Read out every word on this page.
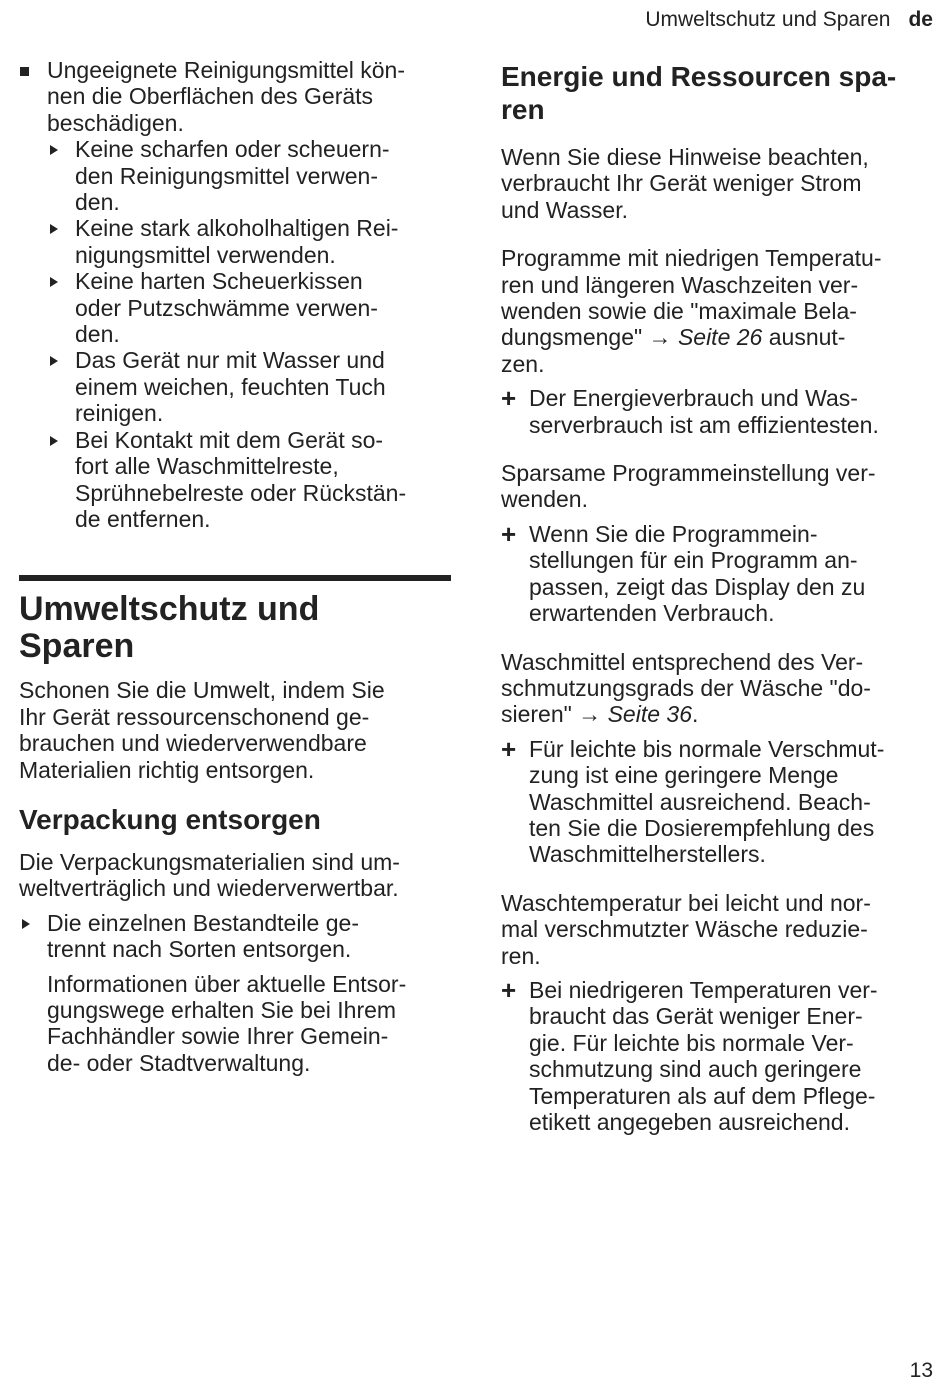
Umweltschutz und Sparen de
Ungeeignete Reinigungsmittel kön-
nen die Oberflächen des Geräts
beschädigen.
Keine scharfen oder scheuern-
den Reinigungsmittel verwen-
den.
Keine stark alkoholhaltigen Rei-
nigungsmittel verwenden.
Keine harten Scheuerkissen
oder Putzschwämme verwen-
den.
Das Gerät nur mit Wasser und
einem weichen, feuchten Tuch
reinigen.
Bei Kontakt mit dem Gerät so-
fort alle Waschmittelreste,
Sprühnebelreste oder Rückstän-
de entfernen.
Umweltschutz und
Sparen
Schonen Sie die Umwelt, indem Sie
Ihr Gerät ressourcenschonend ge-
brauchen und wiederverwendbare
Materialien richtig entsorgen.
Verpackung entsorgen
Die Verpackungsmaterialien sind um-
weltverträglich und wiederverwertbar.
Die einzelnen Bestandteile ge-
trennt nach Sorten entsorgen.
Informationen über aktuelle Entsor-
gungswege erhalten Sie bei Ihrem
Fachhändler sowie Ihrer Gemein-
de- oder Stadtverwaltung.
Energie und Ressourcen spa-
ren
Wenn Sie diese Hinweise beachten,
verbraucht Ihr Gerät weniger Strom
und Wasser.
Programme mit niedrigen Temperatu-
ren und längeren Waschzeiten ver-
wenden sowie die "maximale Bela-
dungsmenge" → Seite 26 ausnut-
zen.
+ Der Energieverbrauch und Was-
serverbrauch ist am effizientesten.
Sparsame Programmeinstellung ver-
wenden.
+ Wenn Sie die Programmein-
stellungen für ein Programm an-
passen, zeigt das Display den zu
erwartenden Verbrauch.
Waschmittel entsprechend des Ver-
schmutzungsgrads der Wäsche "do-
sieren" → Seite 36.
+ Für leichte bis normale Verschmut-
zung ist eine geringere Menge
Waschmittel ausreichend. Beach-
ten Sie die Dosierempfehlung des
Waschmittelherstellers.
Waschtemperatur bei leicht und nor-
mal verschmutzter Wäsche reduzie-
ren.
+ Bei niedrigeren Temperaturen ver-
braucht das Gerät weniger Ener-
gie. Für leichte bis normale Ver-
schmutzung sind auch geringere
Temperaturen als auf dem Pflege-
etikett angegeben ausreichend.
13
